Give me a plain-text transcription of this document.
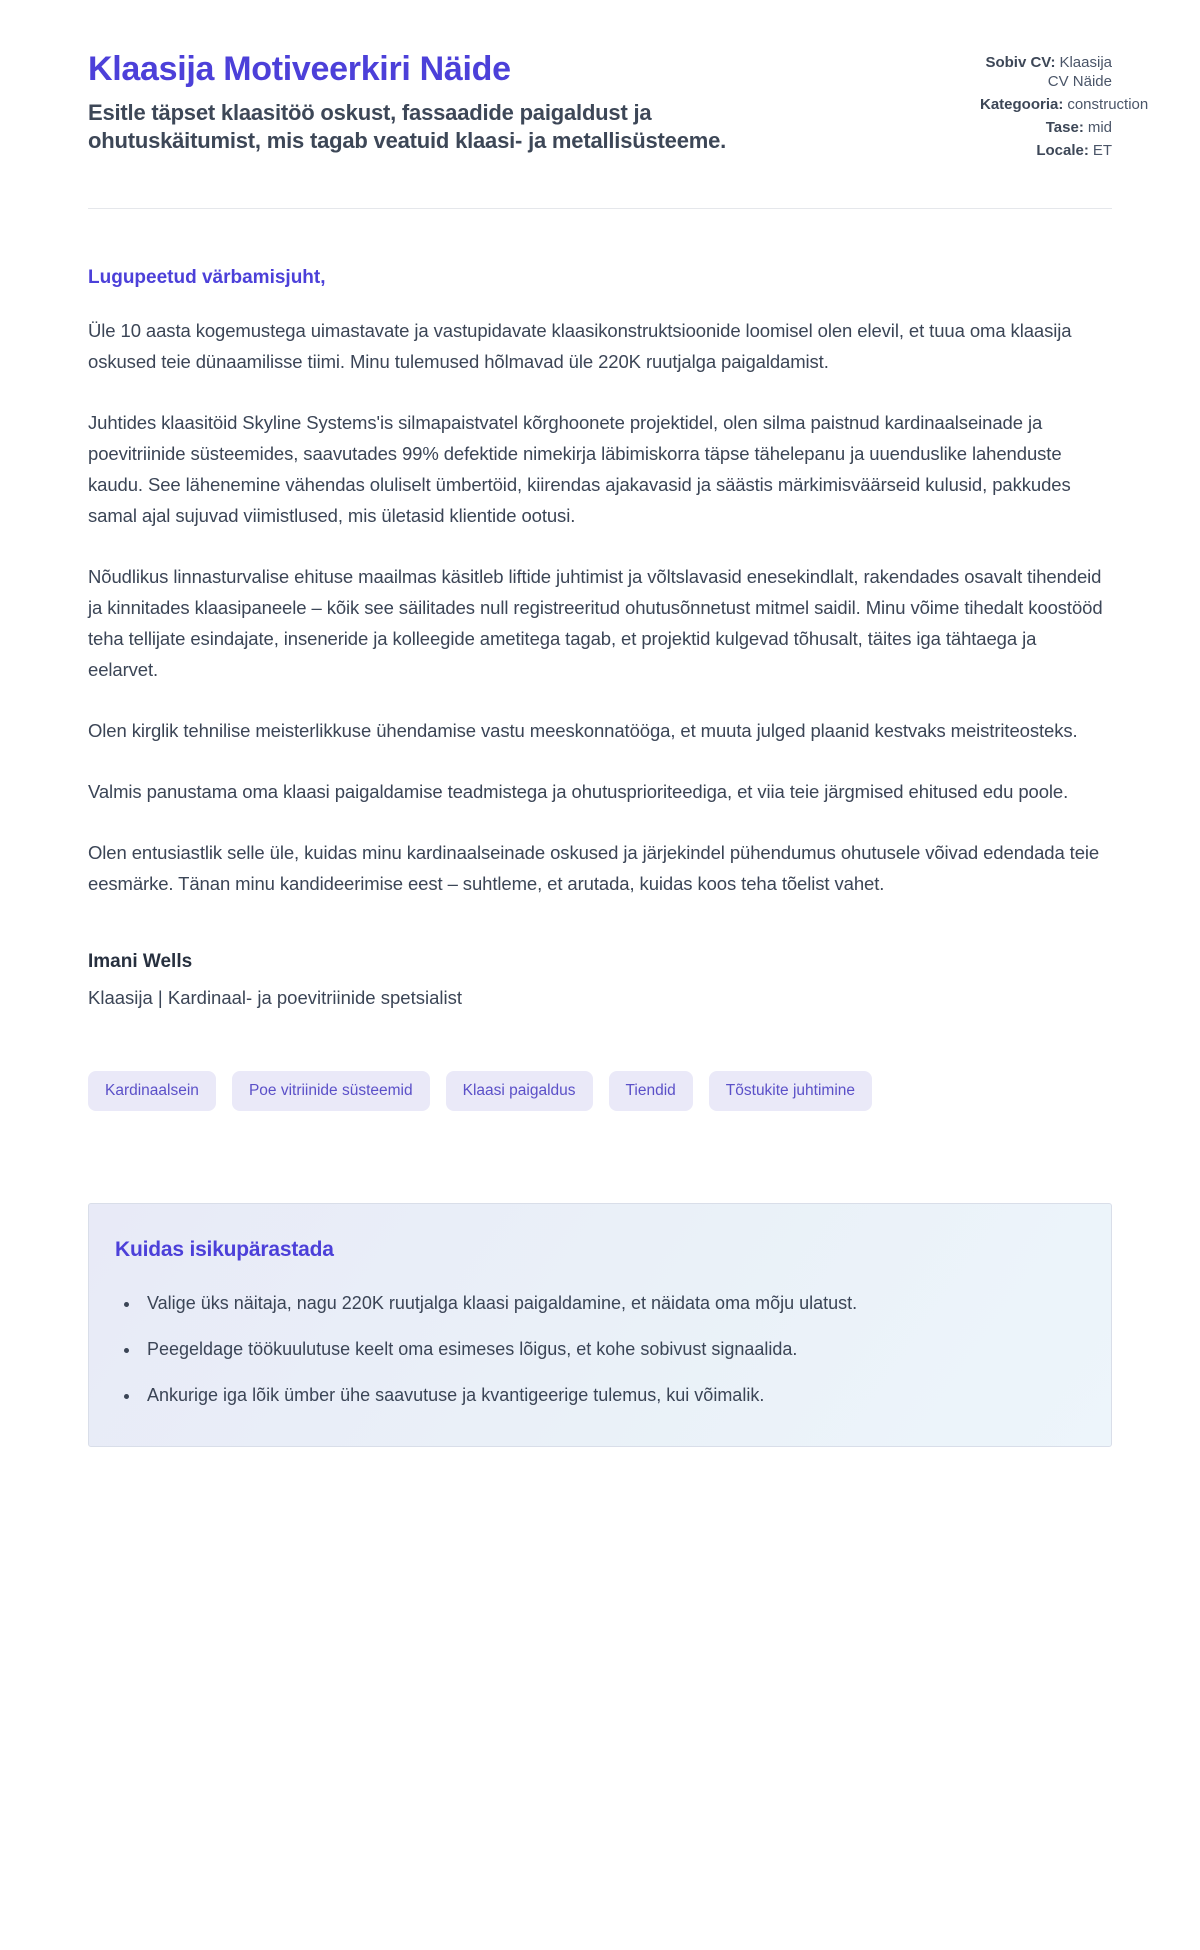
Klaasija Motiveerkiri Näide
Esitle täpset klaasitöö oskust, fassaadide paigaldust ja ohutuskäitumist, mis tagab veatuid klaasi- ja metallisüsteeme.
Sobiv CV: Klaasija CV Näide
Kategooria: construction
Tase: mid
Locale: ET
Lugupeetud värbamisjuht,

Üle 10 aasta kogemustega uimastavate ja vastupidavate klaasikonstruktsioonide loomisel olen elevil, et tuua oma klaasija oskused teie dünaamilisse tiimi. Minu tulemused hõlmavad üle 220K ruutjalga paigaldamist.

Juhtides klaasitöid Skyline Systems'is silmapaistvatel kõrghoonete projektidel, olen silma paistnud kardinaalseinade ja poevitriinide süsteemides, saavutades 99% defektide nimekirja läbimiskorra täpse tähelepanu ja uuenduslike lahenduste kaudu. See lähenemine vähendas oluliselt ümbertöid, kiirendas ajakavasid ja säästis märkimisväärseid kulusid, pakkudes samal ajal sujuvad viimistlused, mis ületasid klientide ootusi.

Nõudlikus linnasturvalise ehituse maailmas käsitleb liftide juhtimist ja võltslavasid enesekindlalt, rakendades osavalt tihendeid ja kinnitades klaasipaneele – kõik see säilitades null registreeritud ohutusõnnetust mitmel saidil. Minu võime tihedalt koostööd teha tellijate esindajate, inseneride ja kolleegide ametitega tagab, et projektid kulgevad tõhusalt, täites iga tähtaega ja eelarvet.

Olen kirglik tehnilise meisterlikkuse ühendamise vastu meeskonnatööga, et muuta julged plaanid kestvaks meistriteosteks.

Valmis panustama oma klaasi paigaldamise teadmistega ja ohutusprioriteediga, et viia teie järgmised ehitused edu poole.

Olen entusiastlik selle üle, kuidas minu kardinaalseinade oskused ja järjekindel pühendumus ohutusele võivad edendada teie eesmärke. Tänan minu kandideerimise eest – suhtleme, et arutada, kuidas koos teha tõelist vahet.

Imani Wells
Klaasija | Kardinaal- ja poevitriinide spetsialist
Kardinaalsein	Poe vitriinide süsteemid	Klaasi paigaldus	Tiendid	Tõstukite juhtimine
Kuidas isikupärastada
• Valige üks näitaja, nagu 220K ruutjalga klaasi paigaldamine, et näidata oma mõju ulatust.
• Peegeldage töökuulutuse keelt oma esimeses lõigus, et kohe sobivust signaalida.
• Ankurige iga lõik ümber ühe saavutuse ja kvantigeerige tulemus, kui võimalik.
